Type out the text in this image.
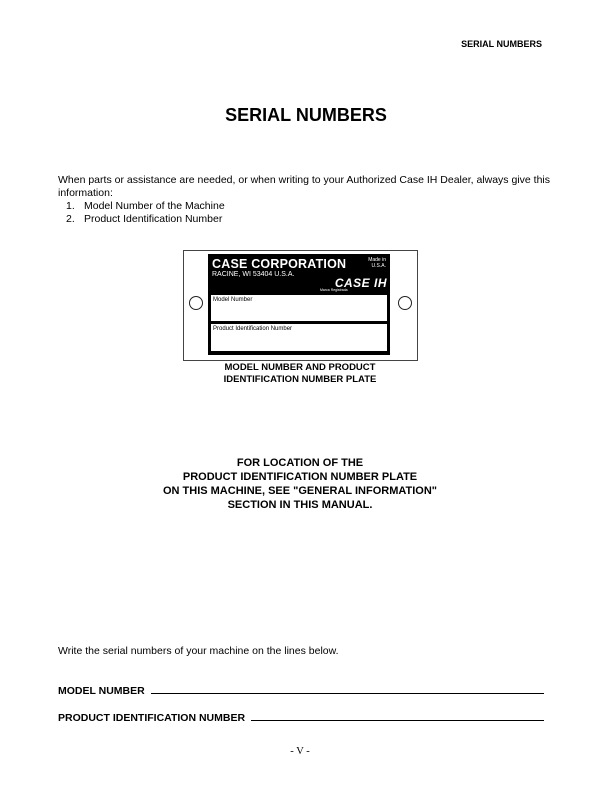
SERIAL NUMBERS
SERIAL NUMBERS
When parts or assistance are needed, or when writing to your Authorized Case IH Dealer, always give this information:
1. Model Number of the Machine
2. Product Identification Number
CASE CORPORATION
RACINE, WI 53404 U.S.A.
Made in U.S.A.
Marca Registrada
CASE IH
Model Number
Product Identification Number
MODEL NUMBER AND PRODUCT
IDENTIFICATION NUMBER PLATE
FOR LOCATION OF THE
PRODUCT IDENTIFICATION NUMBER PLATE
ON THIS MACHINE, SEE "GENERAL INFORMATION"
SECTION IN THIS MANUAL.
Write the serial numbers of your machine on the lines below.
MODEL NUMBER
PRODUCT IDENTIFICATION NUMBER
- V -
